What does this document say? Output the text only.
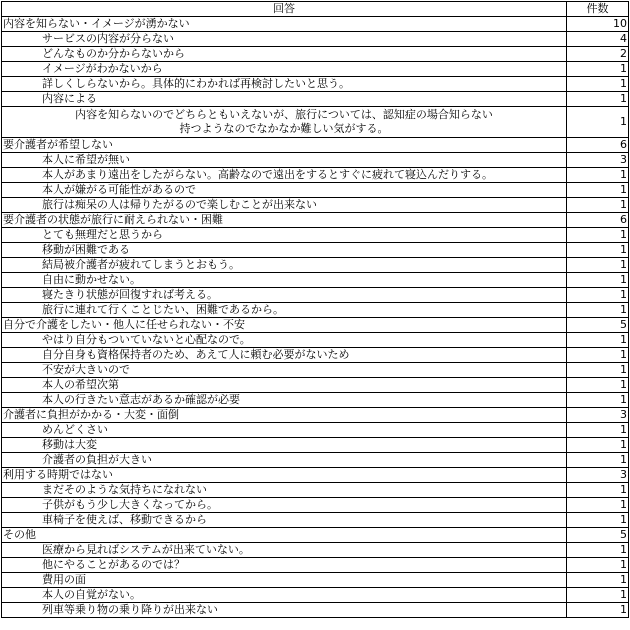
回答	件数
内容を知らない・イメージが湧かない	10
サービスの内容が分らない	4
どんなものか分からないから	2
イメージがわかないから	1
詳しくしらないから。具体的にわかれば再検討したいと思う。	1
内容による	1

内容を知らないのでどちらともいえないが、旅行については、認知症の場合知らない
持つようなのでなかなか難しい気がする。	1
要介護者が希望しない	6
本人に希望が無い	3
本人があまり遠出をしたがらない。高齢なので遠出をするとすぐに疲れて寝込んだりする。	1
本人が嫌がる可能性があるので	1
旅行は痴呆の人は帰りたがるので楽しむことが出来ない	1
要介護者の状態が旅行に耐えられない・困難	6
とても無理だと思うから	1
移動が困難である	1
結局被介護者が疲れてしまうとおもう。	1
自由に動かせない。	1
寝たきり状態が回復すれば考える。	1
旅行に連れて行くことじたい、困難であるから。	1
自分で介護をしたい・他人に任せられない・不安	5
やはり自分もついていないと心配なので。	1
自分自身も資格保持者のため、あえて人に頼む必要がないため	1
不安が大きいので	1
本人の希望次第	1
本人の行きたい意志があるか確認が必要	1
介護者に負担がかかる・大変・面倒	3
めんどくさい	1
移動は大変	1
介護者の負担が大きい	1
利用する時期ではない	3
まだそのような気持ちになれない	1
子供がもう少し大きくなってから。	1
車椅子を使えば、移動できるから	1
その他	5
医療から見ればシステムが出来ていない。	1
他にやることがあるのでは？	1
費用の面	1
本人の自覚がない。	1
列車等乗り物の乗り降りが出来ない	1
